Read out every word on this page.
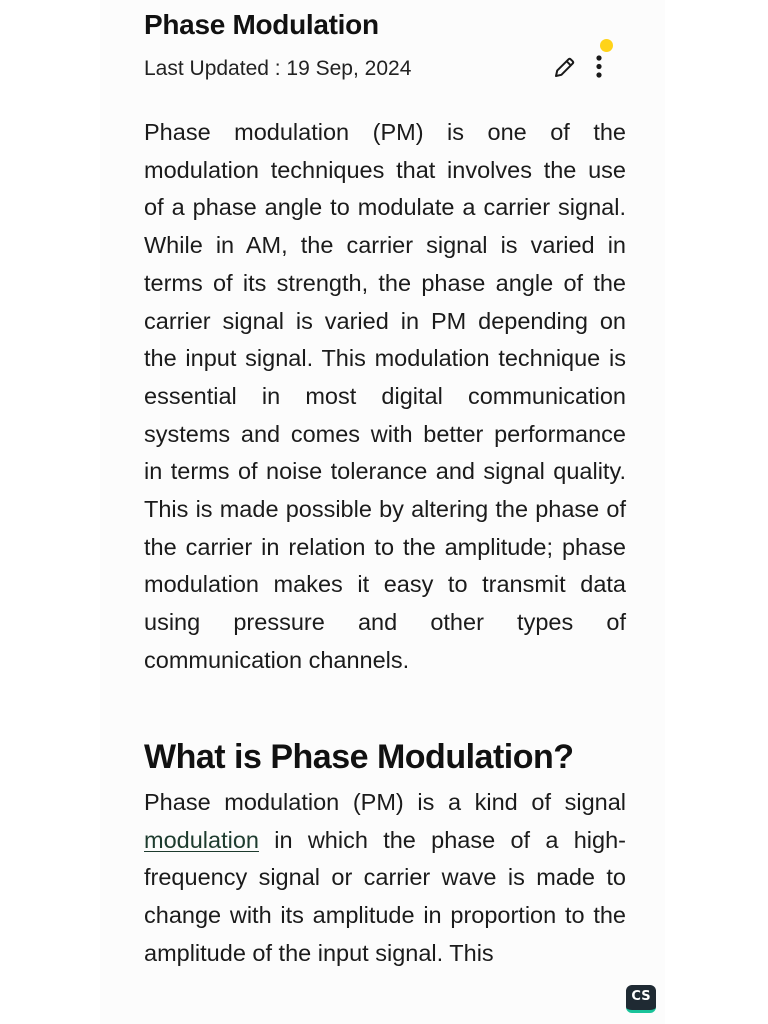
Phase Modulation
Last Updated : 19 Sep, 2024

Phase modulation (PM) is one of the modulation techniques that involves the use of a phase angle to modulate a carrier signal. While in AM, the carrier signal is varied in terms of its strength, the phase angle of the carrier signal is varied in PM depending on the input signal. This modulation technique is essential in most digital communication systems and comes with better performance in terms of noise tolerance and signal quality. This is made possible by altering the phase of the carrier in relation to the amplitude; phase modulation makes it easy to transmit data using pressure and other types of communication channels.

What is Phase Modulation?

Phase modulation (PM) is a kind of signal modulation in which the phase of a high-frequency signal or carrier wave is made to change with its amplitude in proportion to the amplitude of the input signal. This

CS
